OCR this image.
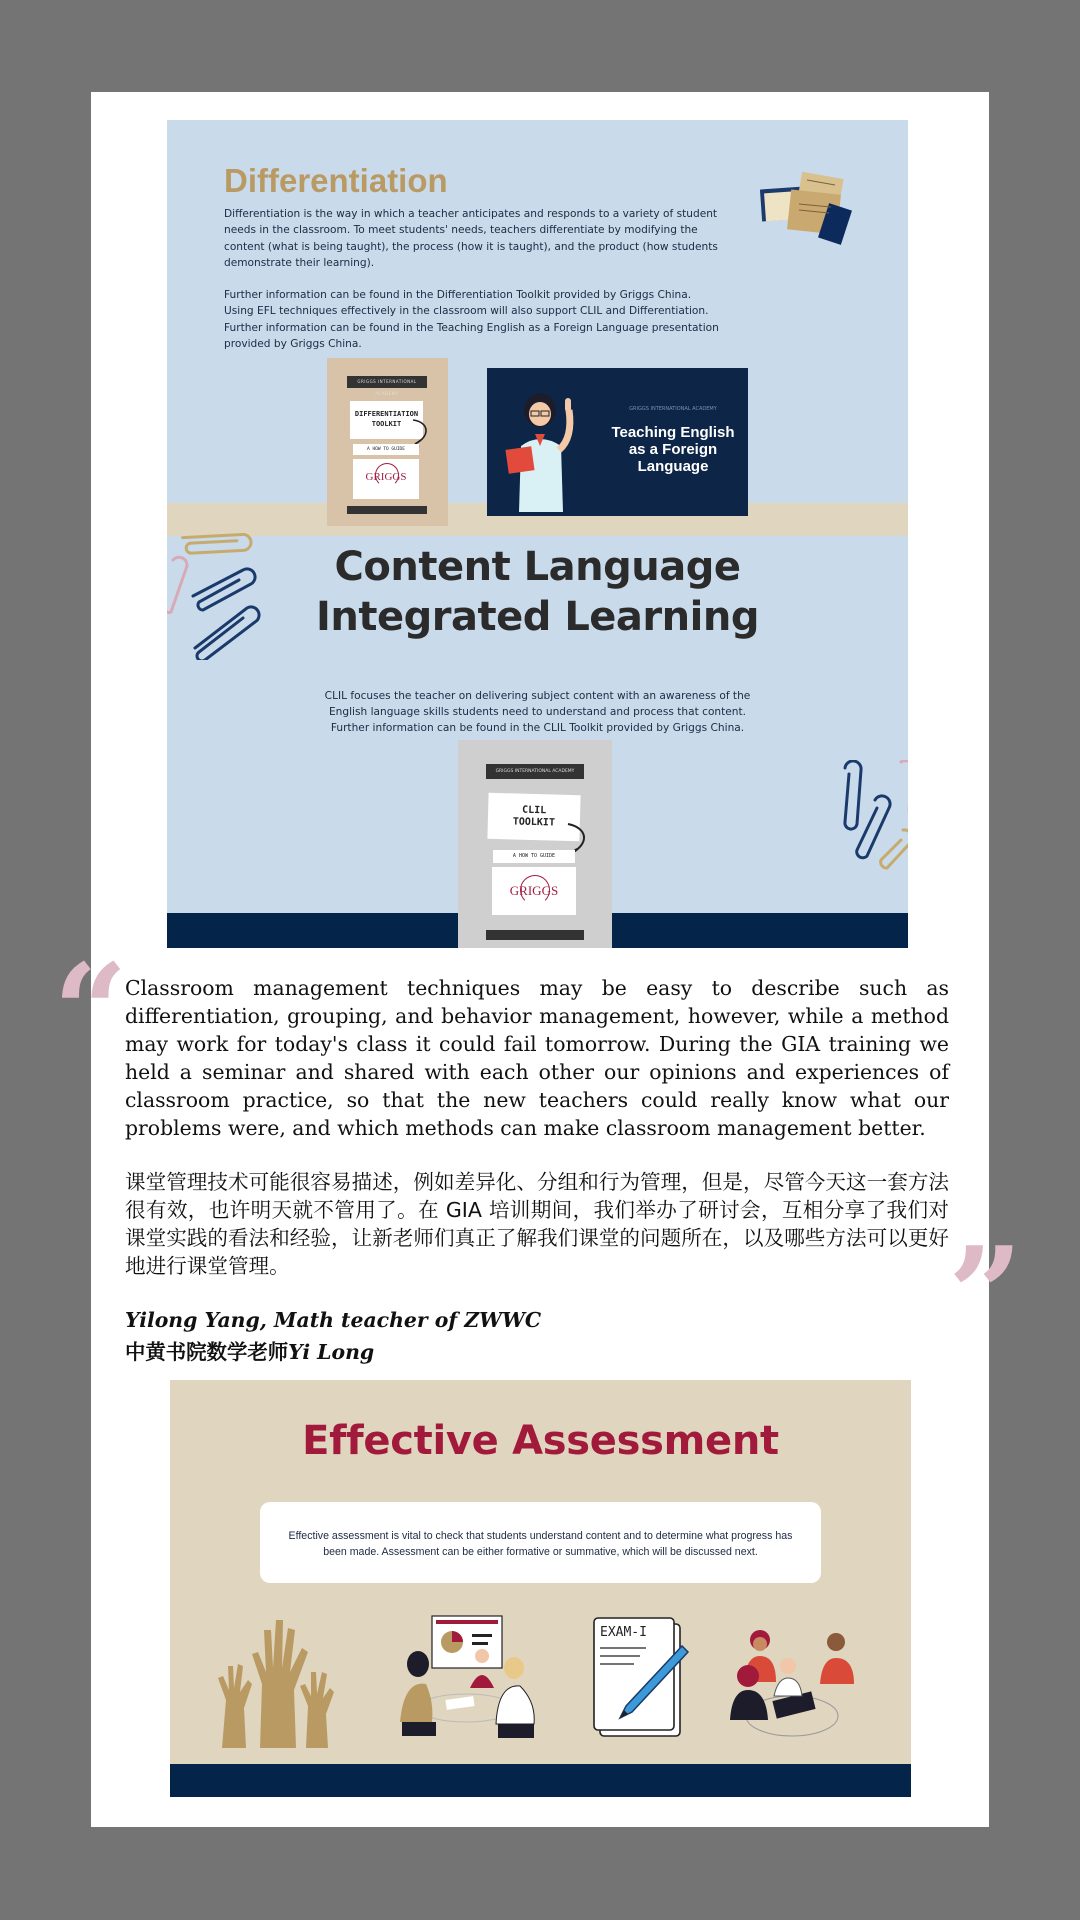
Differentiation

Differentiation is the way in which a teacher anticipates and responds to a variety of student needs in the classroom. To meet students' needs, teachers differentiate by modifying the content (what is being taught), the process (how it is taught), and the product (how students demonstrate their learning).

Further information can be found in the Differentiation Toolkit provided by Griggs China.
Using EFL techniques effectively in the classroom will also support CLIL and Differentiation.
Further information can be found in the Teaching English as a Foreign Language presentation provided by Griggs China.
GRIGGS INTERNATIONAL ACADEMY
DIFFERENTIATION
TOOLKIT
A HOW TO GUIDE
GRIGGS
GRIGGS INTERNATIONAL ACADEMY
Teaching English as a Foreign Language
Content Language
Integrated Learning
CLIL focuses the teacher on delivering subject content with an awareness of the English language skills students need to understand and process that content. Further information can be found in the CLIL Toolkit provided by Griggs China.
GRIGGS INTERNATIONAL ACADEMY
CLIL
TOOLKIT
A HOW TO GUIDE
GRIGGS
“
Classroom management techniques may be easy to describe such as differentiation, grouping, and behavior management, however, while a method may work for today's class it could fail tomorrow. During the GIA training we held a seminar and shared with each other our opinions and experiences of classroom practice, so that the new teachers could really know what our problems were, and which methods can make classroom management better.
课堂管理技术可能很容易描述，例如差异化、分组和行为管理，但是，尽管今天这一套方法很有效，也许明天就不管用了。在 GIA 培训期间，我们举办了研讨会，互相分享了我们对课堂实践的看法和经验，让新老师们真正了解我们课堂的问题所在，以及哪些方法可以更好地进行课堂管理。	”
Yilong Yang, Math teacher of ZWWC
中黄书院数学老师Yi Long
Effective Assessment
Effective assessment is vital to check that students understand content and to determine what progress has been made. Assessment can be either formative or summative, which will be discussed next.
EXAM-I
